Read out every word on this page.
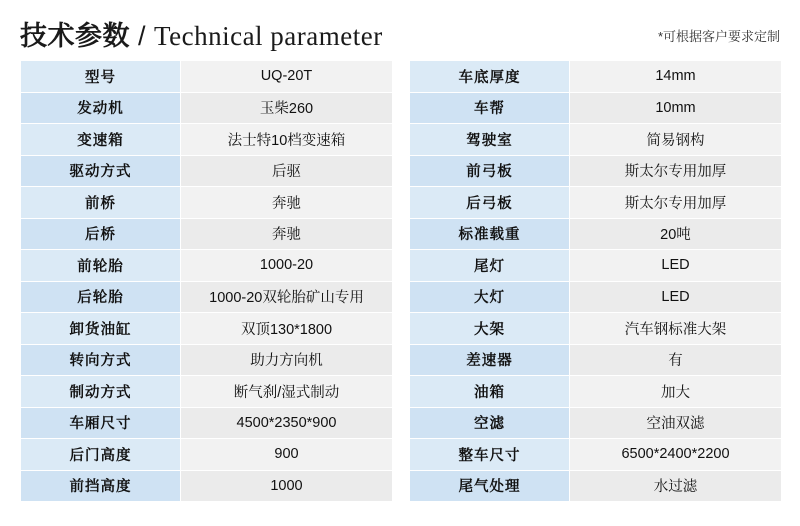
技术参数 / Technical parameter	*可根据客户要求定制
型号	UQ-20T
发动机	玉柴260
变速箱	法士特10档变速箱
驱动方式	后驱
前桥	奔驰
后桥	奔驰
前轮胎	1000-20
后轮胎	1000-20双轮胎矿山专用
卸货油缸	双顶130*1800
转向方式	助力方向机
制动方式	断气刹/湿式制动
车厢尺寸	4500*2350*900
后门高度	900
前挡高度	1000
车底厚度	14mm
车帮	10mm
驾驶室	简易钢构
前弓板	斯太尔专用加厚
后弓板	斯太尔专用加厚
标准载重	20吨
尾灯	LED
大灯	LED
大架	汽车钢标准大架
差速器	有
油箱	加大
空滤	空油双滤
整车尺寸	6500*2400*2200
尾气处理	水过滤
